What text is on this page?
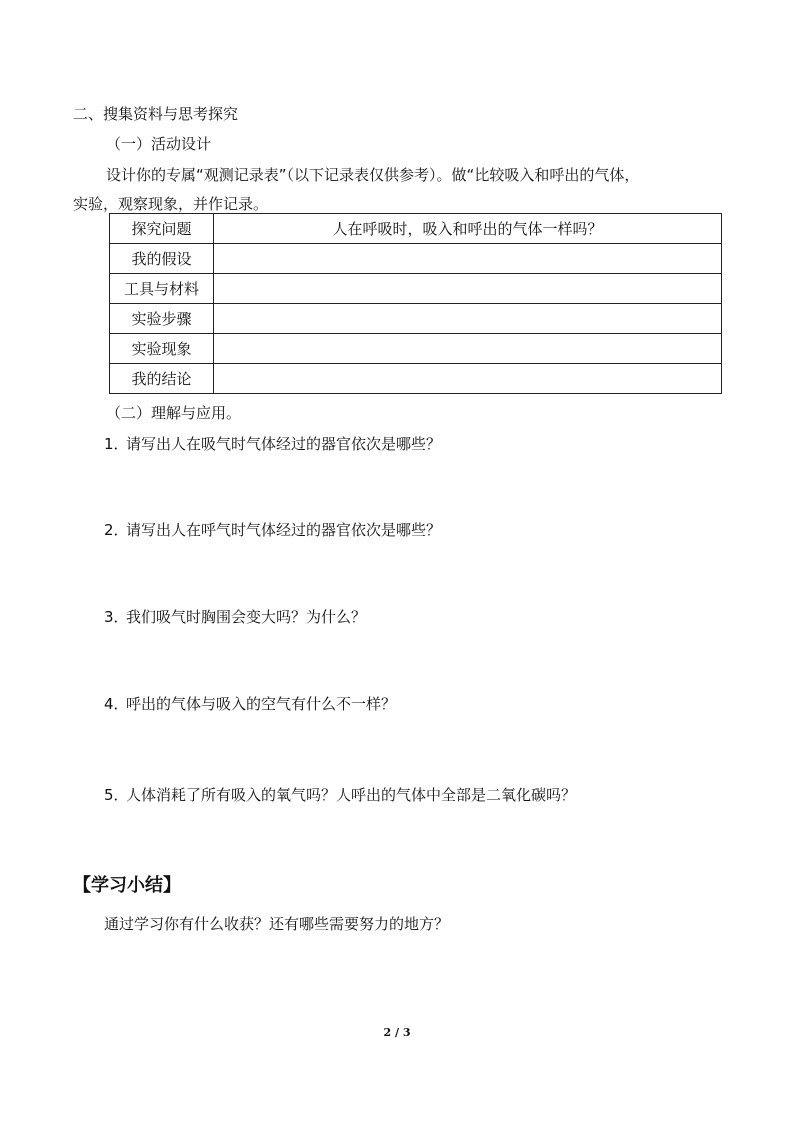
二、搜集资料与思考探究
（一）活动设计
设计你的专属“观测记录表”（以下记录表仅供参考）。做“比较吸入和呼出的气体，
实验，观察现象，并作记录。
探究问题	人在呼吸时，吸入和呼出的气体一样吗？
我的假设	
工具与材料	
实验步骤	
实验现象	
我的结论	
（二）理解与应用。
1．请写出人在吸气时气体经过的器官依次是哪些？
2．请写出人在呼气时气体经过的器官依次是哪些？
3．我们吸气时胸围会变大吗？为什么？
4．呼出的气体与吸入的空气有什么不一样？
5．人体消耗了所有吸入的氧气吗？人呼出的气体中全部是二氧化碳吗？
【学习小结】
通过学习你有什么收获？还有哪些需要努力的地方？
2 / 3
